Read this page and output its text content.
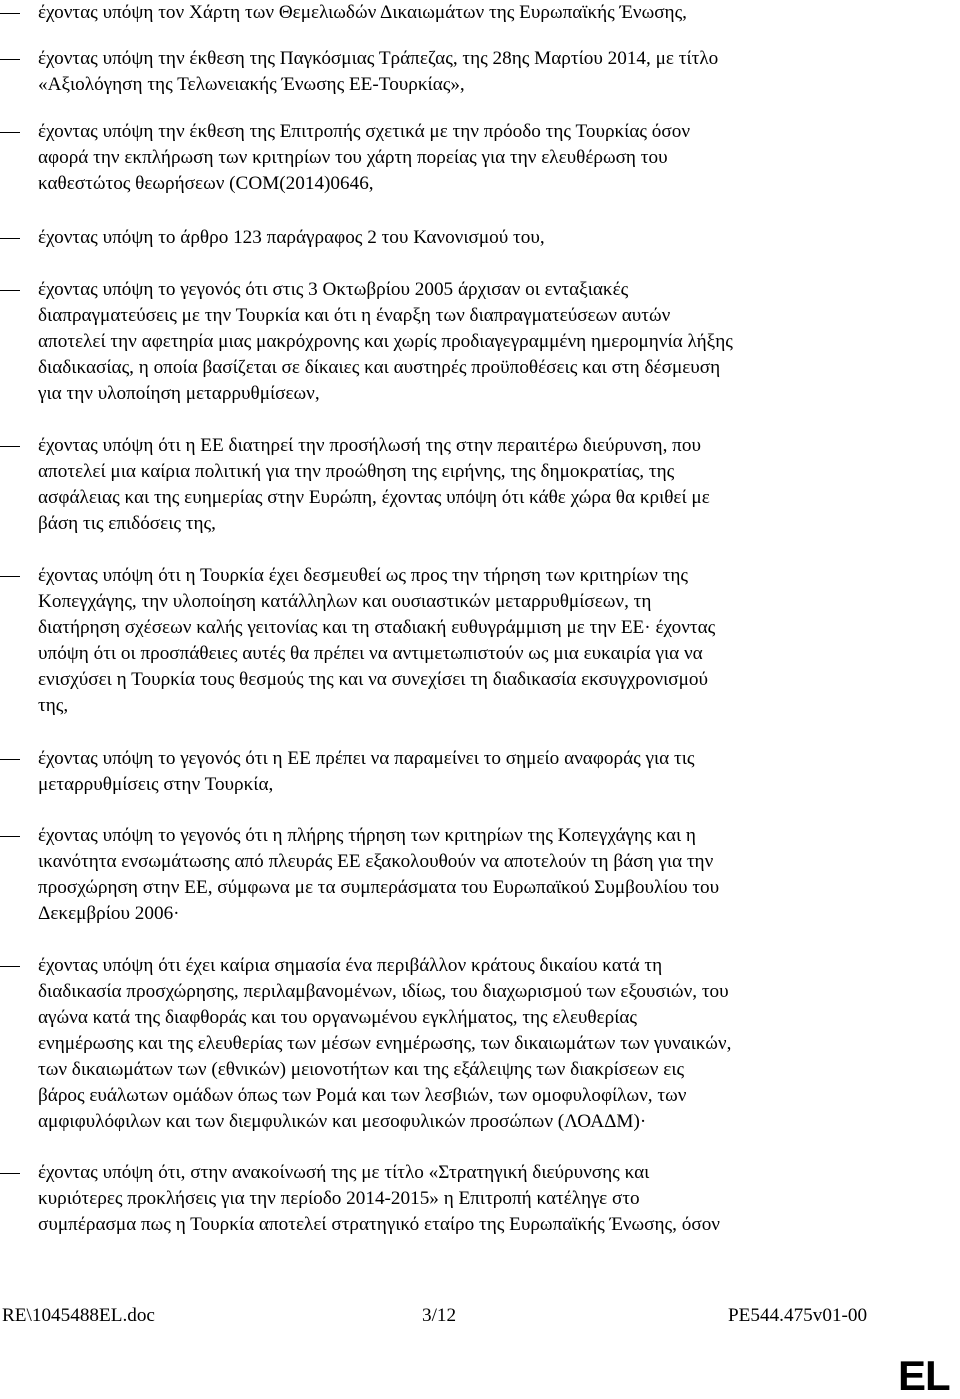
έχοντας υπόψη τον Χάρτη των Θεμελιωδών Δικαιωμάτων της Ευρωπαϊκής Ένωσης,
έχοντας υπόψη την έκθεση της Παγκόσμιας Τράπεζας, της 28ης Μαρτίου 2014, με τίτλο
«Αξιολόγηση της Τελωνειακής Ένωσης ΕΕ-Τουρκίας»,
έχοντας υπόψη την έκθεση της Επιτροπής σχετικά με την πρόοδο της Τουρκίας όσον
αφορά την εκπλήρωση των κριτηρίων του χάρτη πορείας για την ελευθέρωση του
καθεστώτος θεωρήσεων (COM(2014)0646,
έχοντας υπόψη το άρθρο 123 παράγραφος 2 του Κανονισμού του,
έχοντας υπόψη το γεγονός ότι στις 3 Οκτωβρίου 2005 άρχισαν οι ενταξιακές
διαπραγματεύσεις με την Τουρκία και ότι η έναρξη των διαπραγματεύσεων αυτών
αποτελεί την αφετηρία μιας μακρόχρονης και χωρίς προδιαγεγραμμένη ημερομηνία λήξης
διαδικασίας, η οποία βασίζεται σε δίκαιες και αυστηρές προϋποθέσεις και στη δέσμευση
για την υλοποίηση μεταρρυθμίσεων,
έχοντας υπόψη ότι η ΕΕ διατηρεί την προσήλωσή της στην περαιτέρω διεύρυνση, που
αποτελεί μια καίρια πολιτική για την προώθηση της ειρήνης, της δημοκρατίας, της
ασφάλειας και της ευημερίας στην Ευρώπη, έχοντας υπόψη ότι κάθε χώρα θα κριθεί με
βάση τις επιδόσεις της,
έχοντας υπόψη ότι η Τουρκία έχει δεσμευθεί ως προς την τήρηση των κριτηρίων της
Κοπεγχάγης, την υλοποίηση κατάλληλων και ουσιαστικών μεταρρυθμίσεων, τη
διατήρηση σχέσεων καλής γειτονίας και τη σταδιακή ευθυγράμμιση με την ΕΕ· έχοντας
υπόψη ότι οι προσπάθειες αυτές θα πρέπει να αντιμετωπιστούν ως μια ευκαιρία για να
ενισχύσει η Τουρκία τους θεσμούς της και να συνεχίσει τη διαδικασία εκσυγχρονισμού
της,
έχοντας υπόψη το γεγονός ότι η ΕΕ πρέπει να παραμείνει το σημείο αναφοράς για τις
μεταρρυθμίσεις στην Τουρκία,
έχοντας υπόψη το γεγονός ότι η πλήρης τήρηση των κριτηρίων της Κοπεγχάγης και η
ικανότητα ενσωμάτωσης από πλευράς ΕΕ εξακολουθούν να αποτελούν τη βάση για την
προσχώρηση στην ΕΕ, σύμφωνα με τα συμπεράσματα του Ευρωπαϊκού Συμβουλίου του
Δεκεμβρίου 2006·
έχοντας υπόψη ότι έχει καίρια σημασία ένα περιβάλλον κράτους δικαίου κατά τη
διαδικασία προσχώρησης, περιλαμβανομένων, ιδίως, του διαχωρισμού των εξουσιών, του
αγώνα κατά της διαφθοράς και του οργανωμένου εγκλήματος, της ελευθερίας
ενημέρωσης και της ελευθερίας των μέσων ενημέρωσης, των δικαιωμάτων των γυναικών,
των δικαιωμάτων των (εθνικών) μειονοτήτων και της εξάλειψης των διακρίσεων εις
βάρος ευάλωτων ομάδων όπως των Ρομά και των λεσβιών, των ομοφυλοφίλων, των
αμφιφυλόφιλων και των διεμφυλικών και μεσοφυλικών προσώπων (ΛΟΑΔΜ)·
έχοντας υπόψη ότι, στην ανακοίνωσή της με τίτλο «Στρατηγική διεύρυνσης και
κυριότερες προκλήσεις για την περίοδο 2014-2015» η Επιτροπή κατέληγε στο
συμπέρασμα πως η Τουρκία αποτελεί στρατηγικό εταίρο της Ευρωπαϊκής Ένωσης, όσον
RE\1045488EL.doc	3/12	PE544.475v01-00
EL
